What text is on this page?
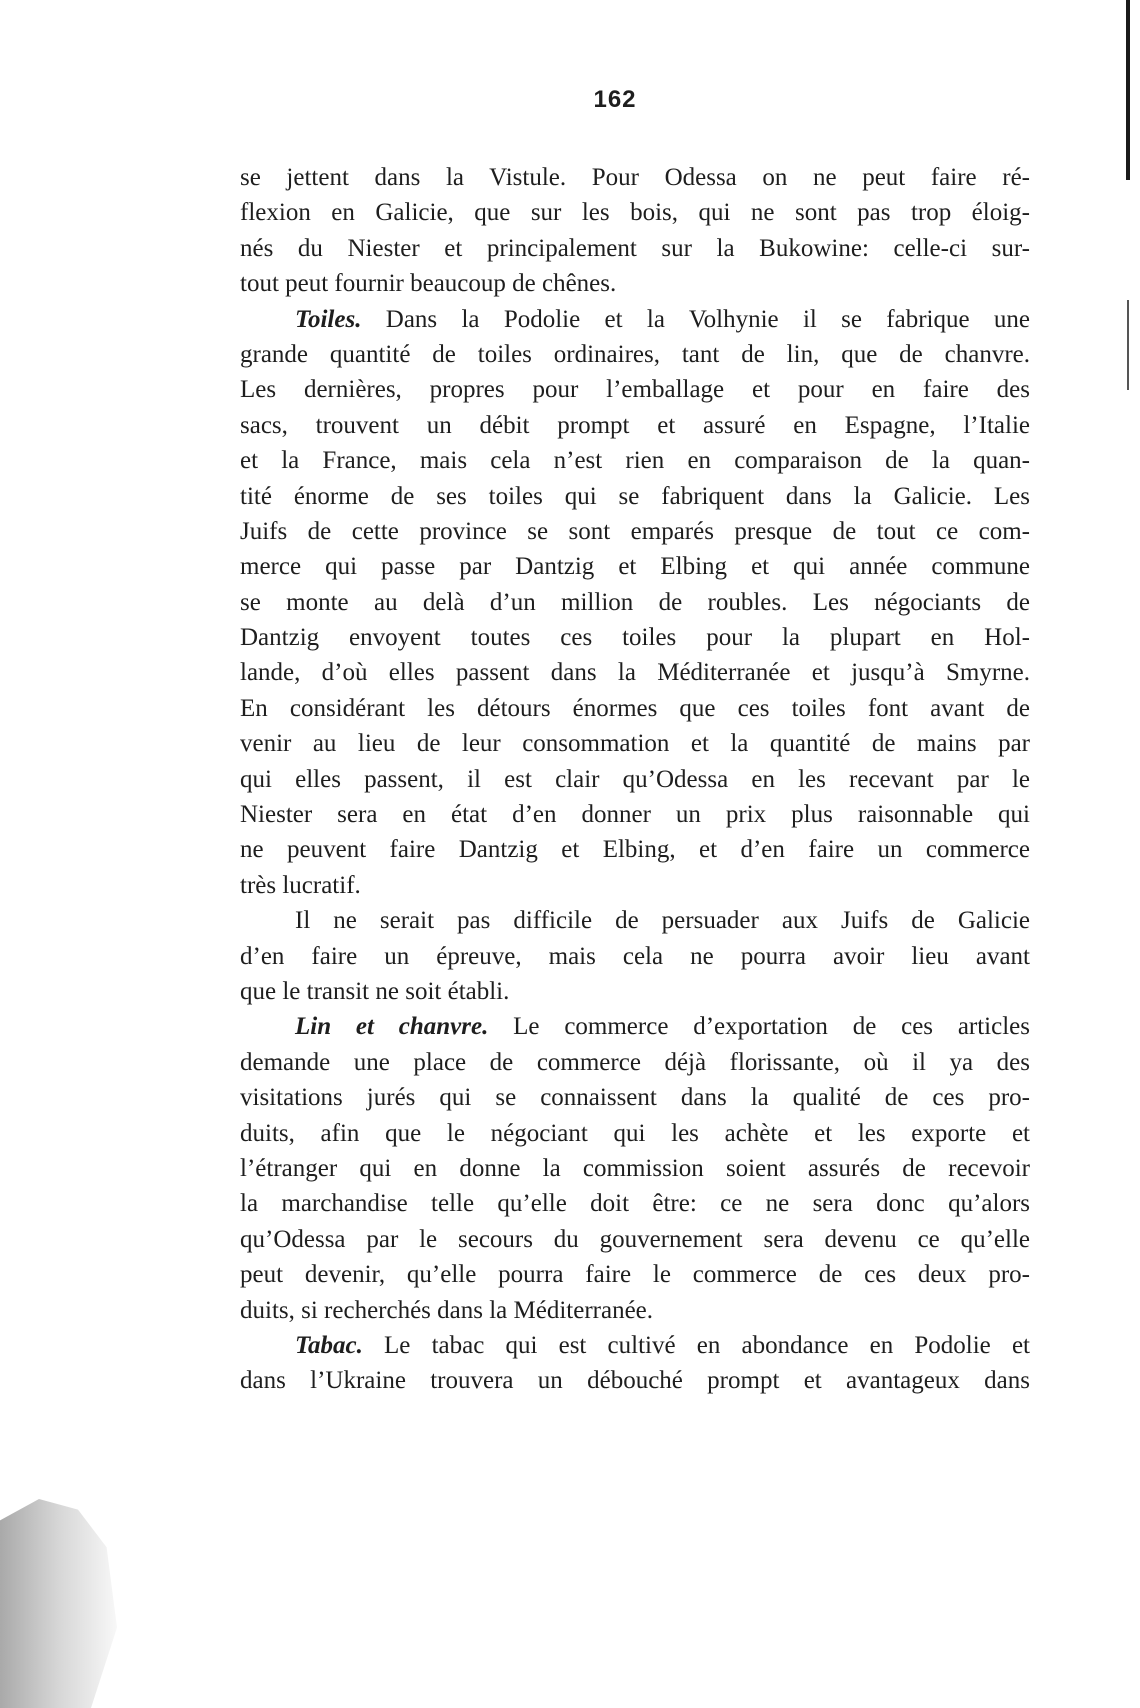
162
se jettent dans la Vistule. Pour Odessa on ne peut faire ré-
flexion en Galicie, que sur les bois, qui ne sont pas trop éloig-
nés du Niester et principalement sur la Bukowine: celle-ci sur-
tout peut fournir beaucoup de chênes.
Toiles. Dans la Podolie et la Volhynie il se fabrique une
grande quantité de toiles ordinaires, tant de lin, que de chanvre.
Les dernières, propres pour l’emballage et pour en faire des
sacs, trouvent un débit prompt et assuré en Espagne, l’Italie
et la France, mais cela n’est rien en comparaison de la quan-
tité énorme de ses toiles qui se fabriquent dans la Galicie. Les
Juifs de cette province se sont emparés presque de tout ce com-
merce qui passe par Dantzig et Elbing et qui année commune
se monte au delà d’un million de roubles. Les négociants de
Dantzig envoyent toutes ces toiles pour la plupart en Hol-
lande, d’où elles passent dans la Méditerranée et jusqu’à Smyrne.
En considérant les détours énormes que ces toiles font avant de
venir au lieu de leur consommation et la quantité de mains par
qui elles passent, il est clair qu’Odessa en les recevant par le
Niester sera en état d’en donner un prix plus raisonnable qui
ne peuvent faire Dantzig et Elbing, et d’en faire un commerce
très lucratif.
Il ne serait pas difficile de persuader aux Juifs de Galicie
d’en faire un épreuve, mais cela ne pourra avoir lieu avant
que le transit ne soit établi.
Lin et chanvre. Le commerce d’exportation de ces articles
demande une place de commerce déjà florissante, où il ya des
visitations jurés qui se connaissent dans la qualité de ces pro-
duits, afin que le négociant qui les achète et les exporte et
l’étranger qui en donne la commission soient assurés de recevoir
la marchandise telle qu’elle doit être: ce ne sera donc qu’alors
qu’Odessa par le secours du gouvernement sera devenu ce qu’elle
peut devenir, qu’elle pourra faire le commerce de ces deux pro-
duits, si recherchés dans la Méditerranée.
Tabac. Le tabac qui est cultivé en abondance en Podolie et
dans l’Ukraine trouvera un débouché prompt et avantageux dans
